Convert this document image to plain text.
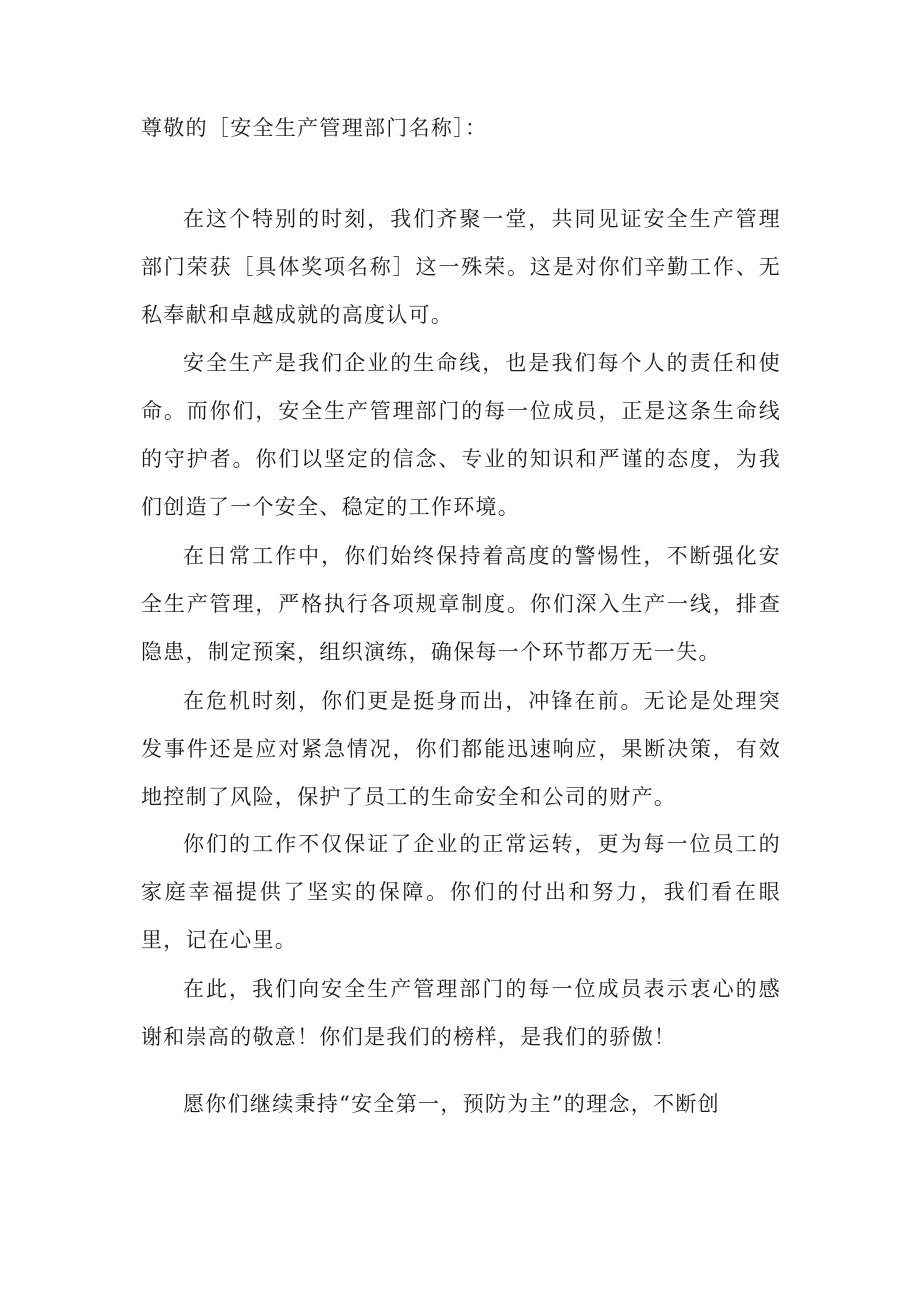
尊敬的［安全生产管理部门名称］：

在这个特别的时刻，我们齐聚一堂，共同见证安全生产管理部门荣获［具体奖项名称］这一殊荣。这是对你们辛勤工作、无私奉献和卓越成就的高度认可。

安全生产是我们企业的生命线，也是我们每个人的责任和使命。而你们，安全生产管理部门的每一位成员，正是这条生命线的守护者。你们以坚定的信念、专业的知识和严谨的态度，为我们创造了一个安全、稳定的工作环境。

在日常工作中，你们始终保持着高度的警惕性，不断强化安全生产管理，严格执行各项规章制度。你们深入生产一线，排查隐患，制定预案，组织演练，确保每一个环节都万无一失。

在危机时刻，你们更是挺身而出，冲锋在前。无论是处理突发事件还是应对紧急情况，你们都能迅速响应，果断决策，有效地控制了风险，保护了员工的生命安全和公司的财产。

你们的工作不仅保证了企业的正常运转，更为每一位员工的家庭幸福提供了坚实的保障。你们的付出和努力，我们看在眼里，记在心里。

在此，我们向安全生产管理部门的每一位成员表示衷心的感谢和崇高的敬意！你们是我们的榜样，是我们的骄傲！

愿你们继续秉持“安全第一，预防为主”的理念，不断创
